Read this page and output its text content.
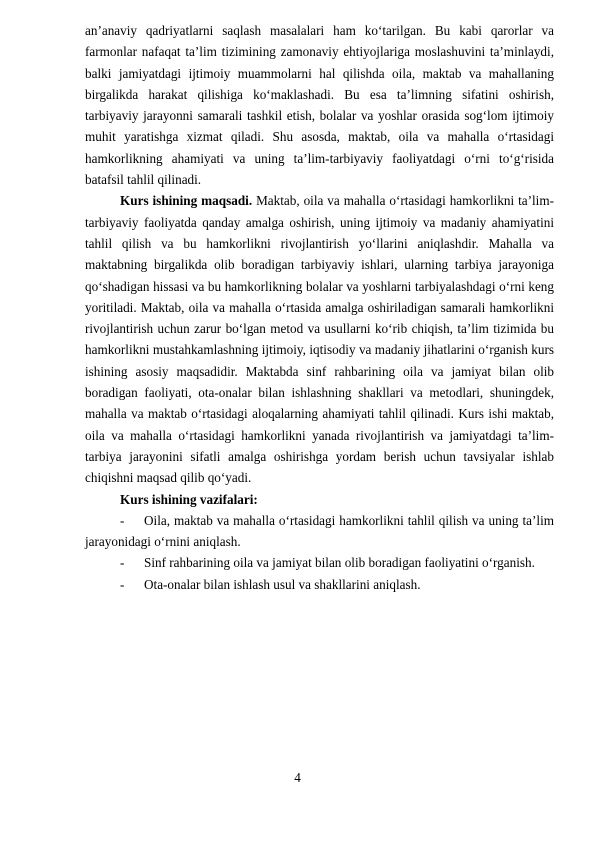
an’anaviy qadriyatlarni saqlash masalalari ham ko‘tarilgan. Bu kabi qarorlar va farmonlar nafaqat ta’lim tizimining zamonaviy ehtiyojlariga moslashuvini ta’minlaydi, balki jamiyatdagi ijtimoiy muammolarni hal qilishda oila, maktab va mahallaning birgalikda harakat qilishiga ko‘maklashadi. Bu esa ta’limning sifatini oshirish, tarbiyaviy jarayonni samarali tashkil etish, bolalar va yoshlar orasida sog‘lom ijtimoiy muhit yaratishga xizmat qiladi. Shu asosda, maktab, oila va mahalla o‘rtasidagi hamkorlikning ahamiyati va uning ta’lim-tarbiyaviy faoliyatdagi o‘rni to‘g‘risida batafsil tahlil qilinadi.

Kurs ishining maqsadi. Maktab, oila va mahalla o‘rtasidagi hamkorlikni ta’lim-tarbiyaviy faoliyatda qanday amalga oshirish, uning ijtimoiy va madaniy ahamiyatini tahlil qilish va bu hamkorlikni rivojlantirish yo‘llarini aniqlashdir. Mahalla va maktabning birgalikda olib boradigan tarbiyaviy ishlari, ularning tarbiya jarayoniga qo‘shadigan hissasi va bu hamkorlikning bolalar va yoshlarni tarbiyalashdagi o‘rni keng yoritiladi. Maktab, oila va mahalla o‘rtasida amalga oshiriladigan samarali hamkorlikni rivojlantirish uchun zarur bo‘lgan metod va usullarni ko‘rib chiqish, ta’lim tizimida bu hamkorlikni mustahkamlashning ijtimoiy, iqtisodiy va madaniy jihatlarini o‘rganish kurs ishining asosiy maqsadidir. Maktabda sinf rahbarining oila va jamiyat bilan olib boradigan faoliyati, ota-onalar bilan ishlashning shakllari va metodlari, shuningdek, mahalla va maktab o‘rtasidagi aloqalarning ahamiyati tahlil qilinadi. Kurs ishi maktab, oila va mahalla o‘rtasidagi hamkorlikni yanada rivojlantirish va jamiyatdagi ta’lim-tarbiya jarayonini sifatli amalga oshirishga yordam berish uchun tavsiyalar ishlab chiqishni maqsad qilib qo‘yadi.

Kurs ishining vazifalari:

- Oila, maktab va mahalla o‘rtasidagi hamkorlikni tahlil qilish va uning ta’lim jarayonidagi o‘rnini aniqlash.

- Sinf rahbarining oila va jamiyat bilan olib boradigan faoliyatini o‘rganish.

- Ota-onalar bilan ishlash usul va shakllarini aniqlash.

4
